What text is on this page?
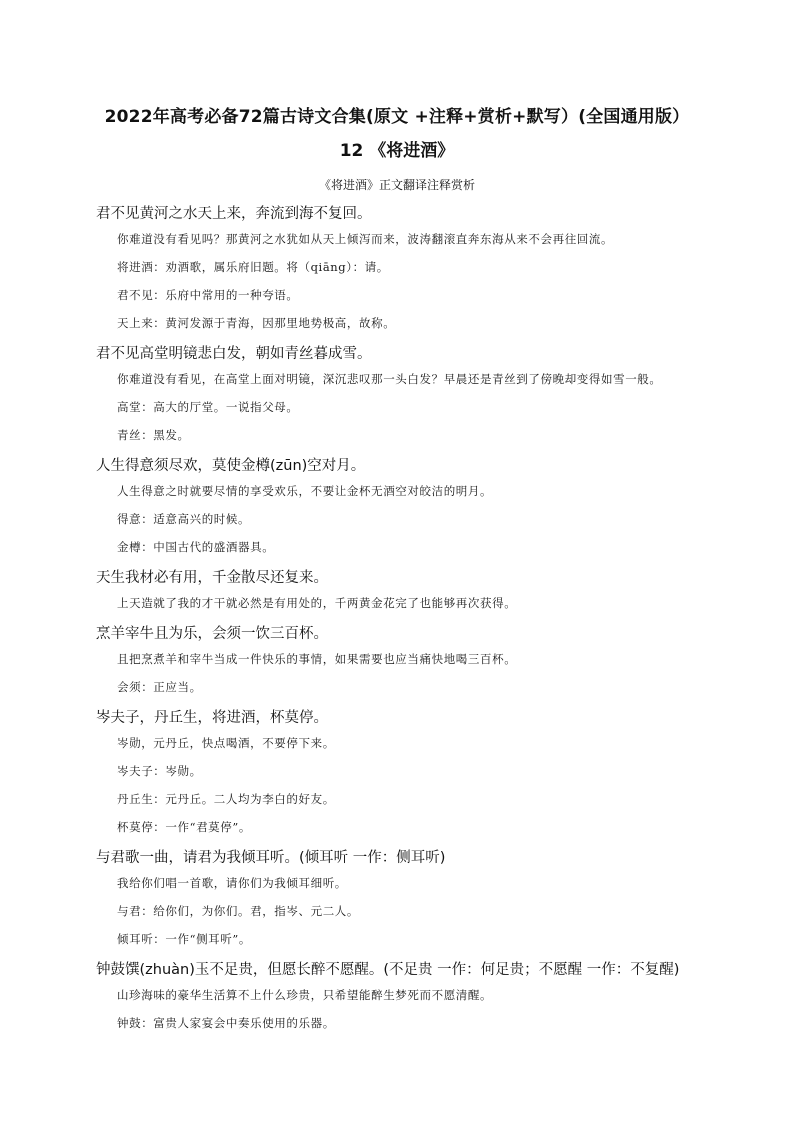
2022年高考必备72篇古诗文合集(原文 +注释+赏析+默写）(全国通用版）
12 《将进酒》
《将进酒》正文翻译注释赏析
君不见黄河之水天上来，奔流到海不复回。
你难道没有看见吗？那黄河之水犹如从天上倾泻而来，波涛翻滚直奔东海从来不会再往回流。
将进酒：劝酒歌，属乐府旧题。将（qiāng）：请。
君不见：乐府中常用的一种夸语。
天上来：黄河发源于青海，因那里地势极高，故称。
君不见高堂明镜悲白发，朝如青丝暮成雪。
你难道没有看见，在高堂上面对明镜，深沉悲叹那一头白发？早晨还是青丝到了傍晚却变得如雪一般。
高堂：高大的厅堂。一说指父母。
青丝：黑发。
人生得意须尽欢，莫使金樽(zūn)空对月。
人生得意之时就要尽情的享受欢乐，不要让金杯无酒空对皎洁的明月。
得意：适意高兴的时候。
金樽：中国古代的盛酒器具。
天生我材必有用，千金散尽还复来。
上天造就了我的才干就必然是有用处的，千两黄金花完了也能够再次获得。
烹羊宰牛且为乐，会须一饮三百杯。
且把烹煮羊和宰牛当成一件快乐的事情，如果需要也应当痛快地喝三百杯。
会须：正应当。
岑夫子，丹丘生，将进酒，杯莫停。
岑勋，元丹丘，快点喝酒，不要停下来。
岑夫子：岑勋。
丹丘生：元丹丘。二人均为李白的好友。
杯莫停：一作“君莫停”。
与君歌一曲，请君为我倾耳听。(倾耳听 一作：侧耳听)
我给你们唱一首歌，请你们为我倾耳细听。
与君：给你们，为你们。君，指岑、元二人。
倾耳听：一作“侧耳听”。
钟鼓馔(zhuàn)玉不足贵，但愿长醉不愿醒。(不足贵 一作：何足贵；不愿醒 一作：不复醒)
山珍海味的豪华生活算不上什么珍贵，只希望能醉生梦死而不愿清醒。
钟鼓：富贵人家宴会中奏乐使用的乐器。
